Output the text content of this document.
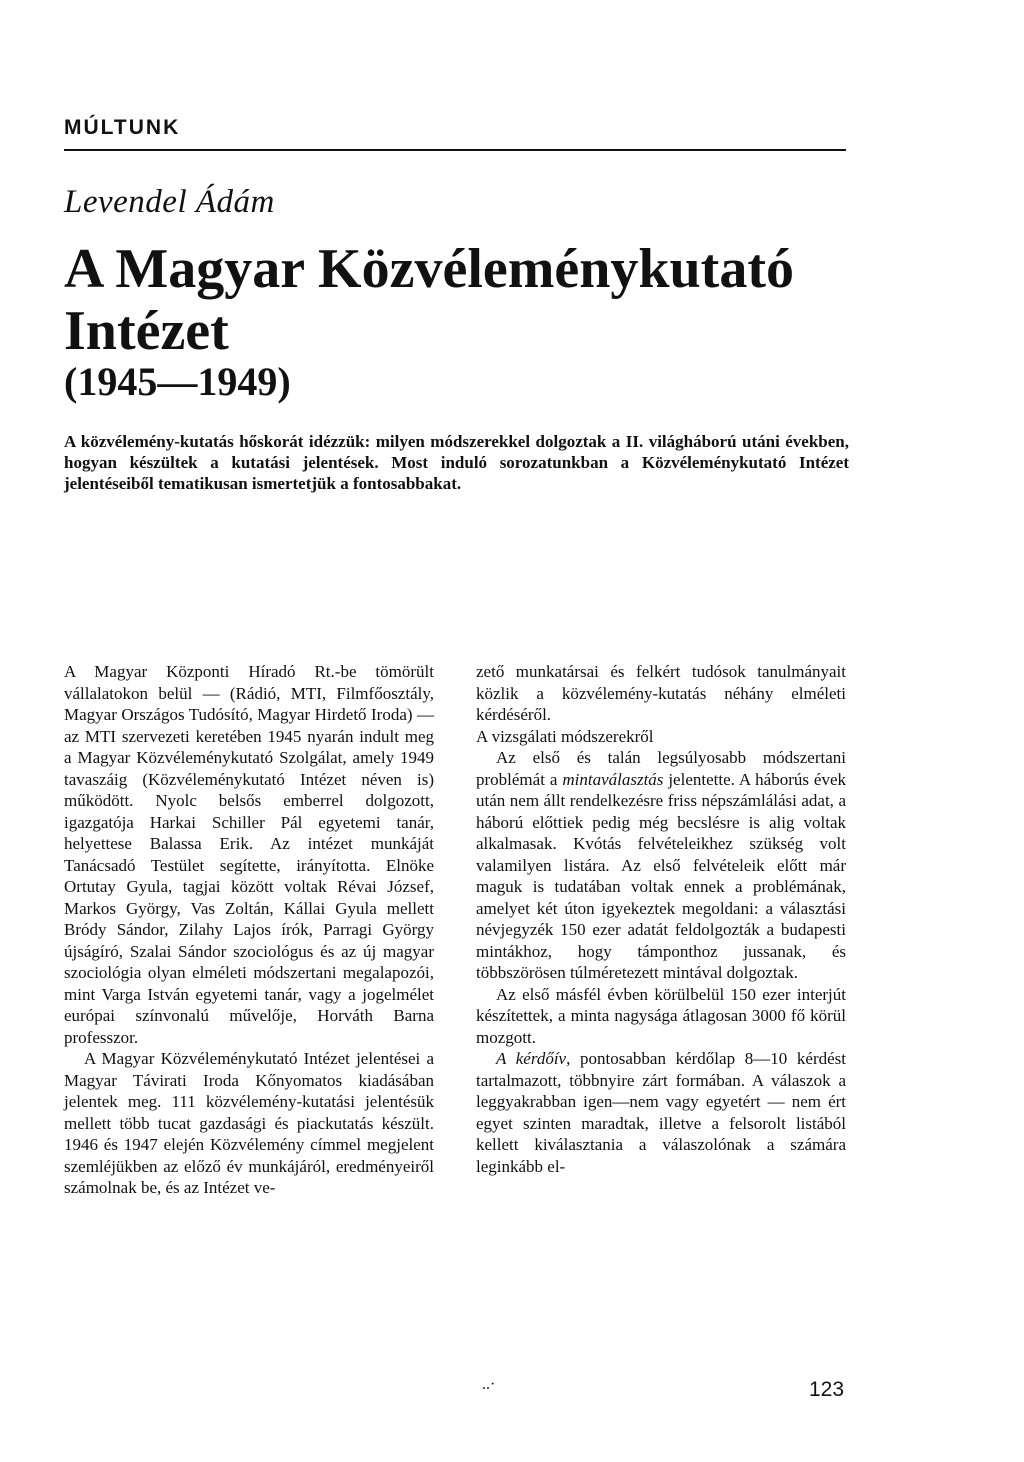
MÚLTUNK
Levendel Ádám
A Magyar Közvéleménykutató
Intézet
(1945—1949)

A közvélemény-kutatás hőskorát idézzük: milyen módszerekkel dolgoztak a II. világháború utáni években, hogyan készültek a kutatási jelentések. Most induló sorozatunkban a Közvéleménykutató Intézet jelentéseiből tematikusan ismertetjük a fontosabbakat.

A Magyar Központi Híradó Rt.-be tömörült vállalatokon belül — (Rádió, MTI, Filmfőosztály, Magyar Országos Tudósító, Magyar Hirdető Iroda) — az MTI szervezeti keretében 1945 nyarán indult meg a Magyar Közvéleménykutató Szolgálat, amely 1949 tavaszáig (Közvéleménykutató Intézet néven is) működött. Nyolc belsős emberrel dolgozott, igazgatója Harkai Schiller Pál egyetemi tanár, helyettese Balassa Erik. Az intézet munkáját Tanácsadó Testület segítette, irányította. Elnöke Ortutay Gyula, tagjai között voltak Révai József, Markos György, Vas Zoltán, Kállai Gyula mellett Bródy Sándor, Zilahy Lajos írók, Parragi György újságíró, Szalai Sándor szociológus és az új magyar szociológia olyan elméleti módszertani megalapozói, mint Varga István egyetemi tanár, vagy a jogelmélet európai színvonalú művelője, Horváth Barna professzor.

A Magyar Közvéleménykutató Intézet jelentései a Magyar Távirati Iroda Kőnyomatos kiadásában jelentek meg. 111 közvélemény-kutatási jelentésük mellett több tucat gazdasági és piackutatás készült. 1946 és 1947 elején Közvélemény címmel megjelent szemléjükben az előző év munkájáról, eredményeiről számolnak be, és az Intézet ve-

zető munkatársai és felkért tudósok tanulmányait közlik a közvélemény-kutatás néhány elméleti kérdéséről.

A vizsgálati módszerekről

Az első és talán legsúlyosabb módszertani problémát a mintaválasztás jelentette. A háborús évek után nem állt rendelkezésre friss népszámlálási adat, a háború előttiek pedig még becslésre is alig voltak alkalmasak. Kvótás felvételeikhez szükség volt valamilyen listára. Az első felvételeik előtt már maguk is tudatában voltak ennek a problémának, amelyet két úton igyekeztek megoldani: a választási névjegyzék 150 ezer adatát feldolgozták a budapesti mintákhoz, hogy támponthoz jussanak, és többszörösen túlméretezett mintával dolgoztak.

Az első másfél évben körülbelül 150 ezer interjút készítettek, a minta nagysága átlagosan 3000 fő körül mozgott.

A kérdőív, pontosabban kérdőlap 8—10 kérdést tartalmazott, többnyire zárt formában. A válaszok a leggyakrabban igen—nem vagy egyetért — nem ért egyet szinten maradtak, illetve a felsorolt listából kellett kiválasztania a válaszolónak a számára leginkább el-

..·	123
